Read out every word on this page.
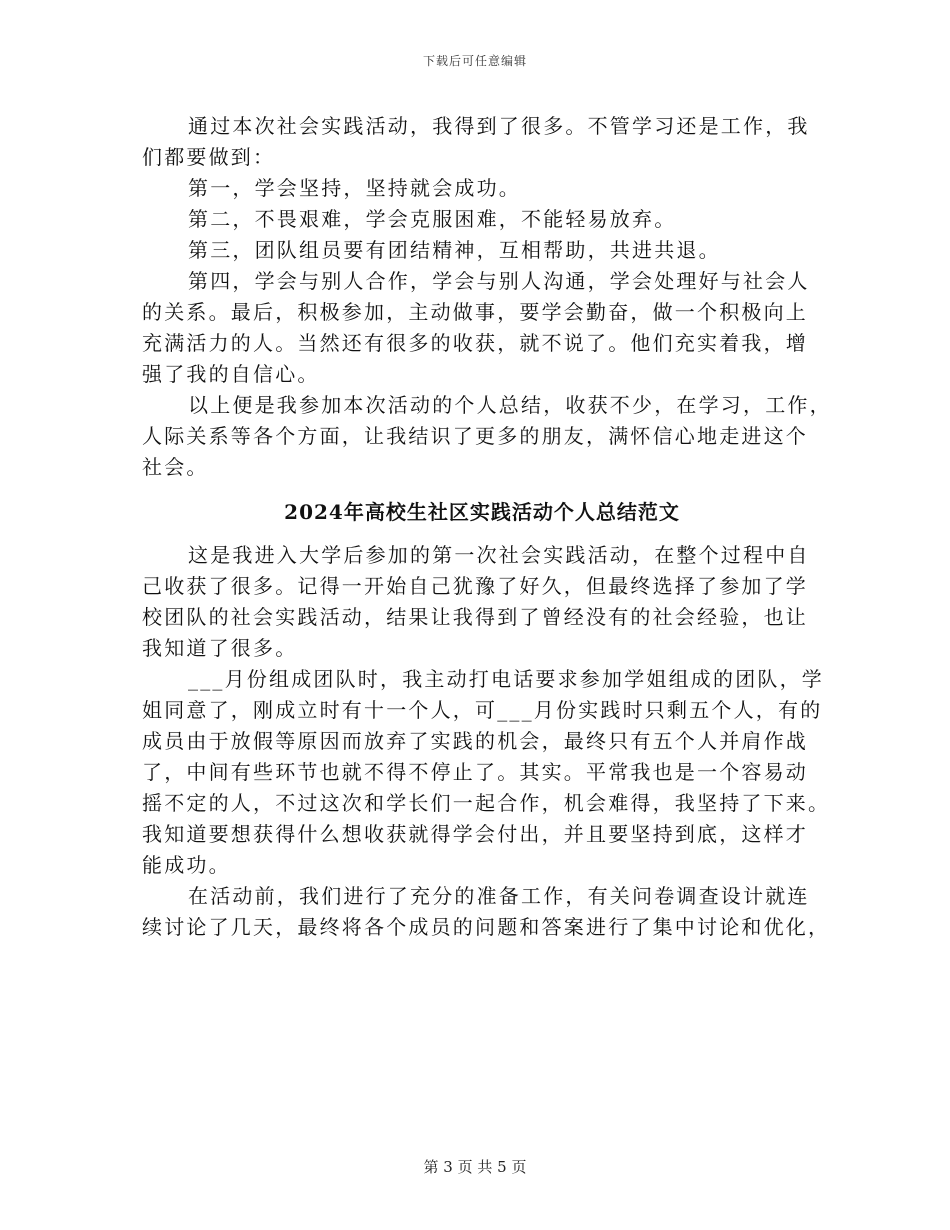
下载后可任意编辑
通过本次社会实践活动，我得到了很多。不管学习还是工作，我
们都要做到：
第一，学会坚持，坚持就会成功。
第二，不畏艰难，学会克服困难，不能轻易放弃。
第三，团队组员要有团结精神，互相帮助，共进共退。
第四，学会与别人合作，学会与别人沟通，学会处理好与社会人
的关系。最后，积极参加，主动做事，要学会勤奋，做一个积极向上
充满活力的人。当然还有很多的收获，就不说了。他们充实着我，增
强了我的自信心。
以上便是我参加本次活动的个人总结，收获不少，在学习，工作，
人际关系等各个方面，让我结识了更多的朋友，满怀信心地走进这个
社会。
2024年高校生社区实践活动个人总结范文
这是我进入大学后参加的第一次社会实践活动，在整个过程中自
己收获了很多。记得一开始自己犹豫了好久，但最终选择了参加了学
校团队的社会实践活动，结果让我得到了曾经没有的社会经验，也让
我知道了很多。
___月份组成团队时，我主动打电话要求参加学姐组成的团队，学
姐同意了，刚成立时有十一个人，可___月份实践时只剩五个人，有的
成员由于放假等原因而放弃了实践的机会，最终只有五个人并肩作战
了，中间有些环节也就不得不停止了。其实。平常我也是一个容易动
摇不定的人，不过这次和学长们一起合作，机会难得，我坚持了下来。
我知道要想获得什么想收获就得学会付出，并且要坚持到底，这样才
能成功。
在活动前，我们进行了充分的准备工作，有关问卷调查设计就连
续讨论了几天，最终将各个成员的问题和答案进行了集中讨论和优化，
第 3 页 共 5 页
